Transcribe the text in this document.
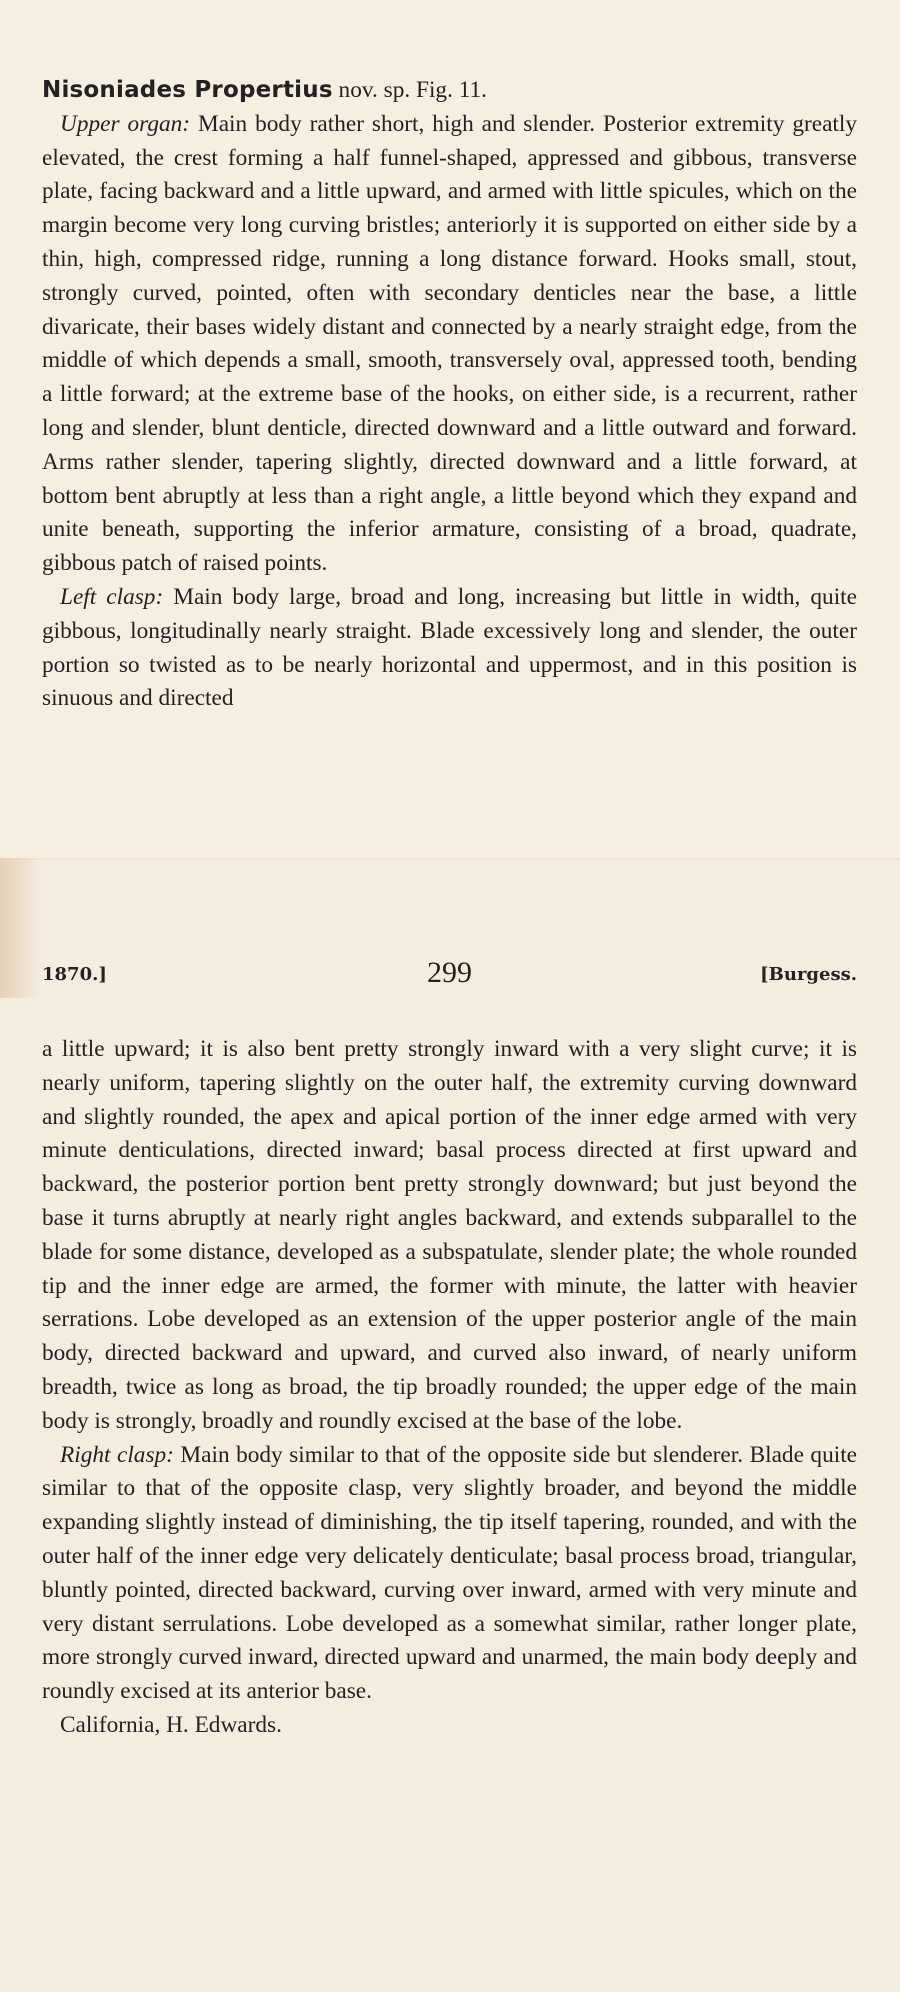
Nisoniades Propertius nov. sp. Fig. 11.

Upper organ: Main body rather short, high and slender. Posterior extremity greatly elevated, the crest forming a half funnel-shaped, appressed and gibbous, transverse plate, facing backward and a little upward, and armed with little spicules, which on the margin become very long curving bristles; anteriorly it is supported on either side by a thin, high, compressed ridge, running a long distance forward. Hooks small, stout, strongly curved, pointed, often with secondary denticles near the base, a little divaricate, their bases widely distant and connected by a nearly straight edge, from the middle of which depends a small, smooth, transversely oval, appressed tooth, bending a little forward; at the extreme base of the hooks, on either side, is a recurrent, rather long and slender, blunt denticle, directed downward and a little outward and forward. Arms rather slender, tapering slightly, directed downward and a little forward, at bottom bent abruptly at less than a right angle, a little beyond which they expand and unite beneath, supporting the inferior armature, consisting of a broad, quadrate, gibbous patch of raised points.

Left clasp: Main body large, broad and long, increasing but little in width, quite gibbous, longitudinally nearly straight. Blade excessively long and slender, the outer portion so twisted as to be nearly horizontal and uppermost, and in this position is sinuous and directed

1870.]	299	[Burgess.

a little upward; it is also bent pretty strongly inward with a very slight curve; it is nearly uniform, tapering slightly on the outer half, the extremity curving downward and slightly rounded, the apex and apical portion of the inner edge armed with very minute denticulations, directed inward; basal process directed at first upward and backward, the posterior portion bent pretty strongly downward; but just beyond the base it turns abruptly at nearly right angles backward, and extends subparallel to the blade for some distance, developed as a subspatulate, slender plate; the whole rounded tip and the inner edge are armed, the former with minute, the latter with heavier serrations. Lobe developed as an extension of the upper posterior angle of the main body, directed backward and upward, and curved also inward, of nearly uniform breadth, twice as long as broad, the tip broadly rounded; the upper edge of the main body is strongly, broadly and roundly excised at the base of the lobe.

Right clasp: Main body similar to that of the opposite side but slenderer. Blade quite similar to that of the opposite clasp, very slightly broader, and beyond the middle expanding slightly instead of diminishing, the tip itself tapering, rounded, and with the outer half of the inner edge very delicately denticulate; basal process broad, triangular, bluntly pointed, directed backward, curving over inward, armed with very minute and very distant serrulations. Lobe developed as a somewhat similar, rather longer plate, more strongly curved inward, directed upward and unarmed, the main body deeply and roundly excised at its anterior base.

California, H. Edwards.
